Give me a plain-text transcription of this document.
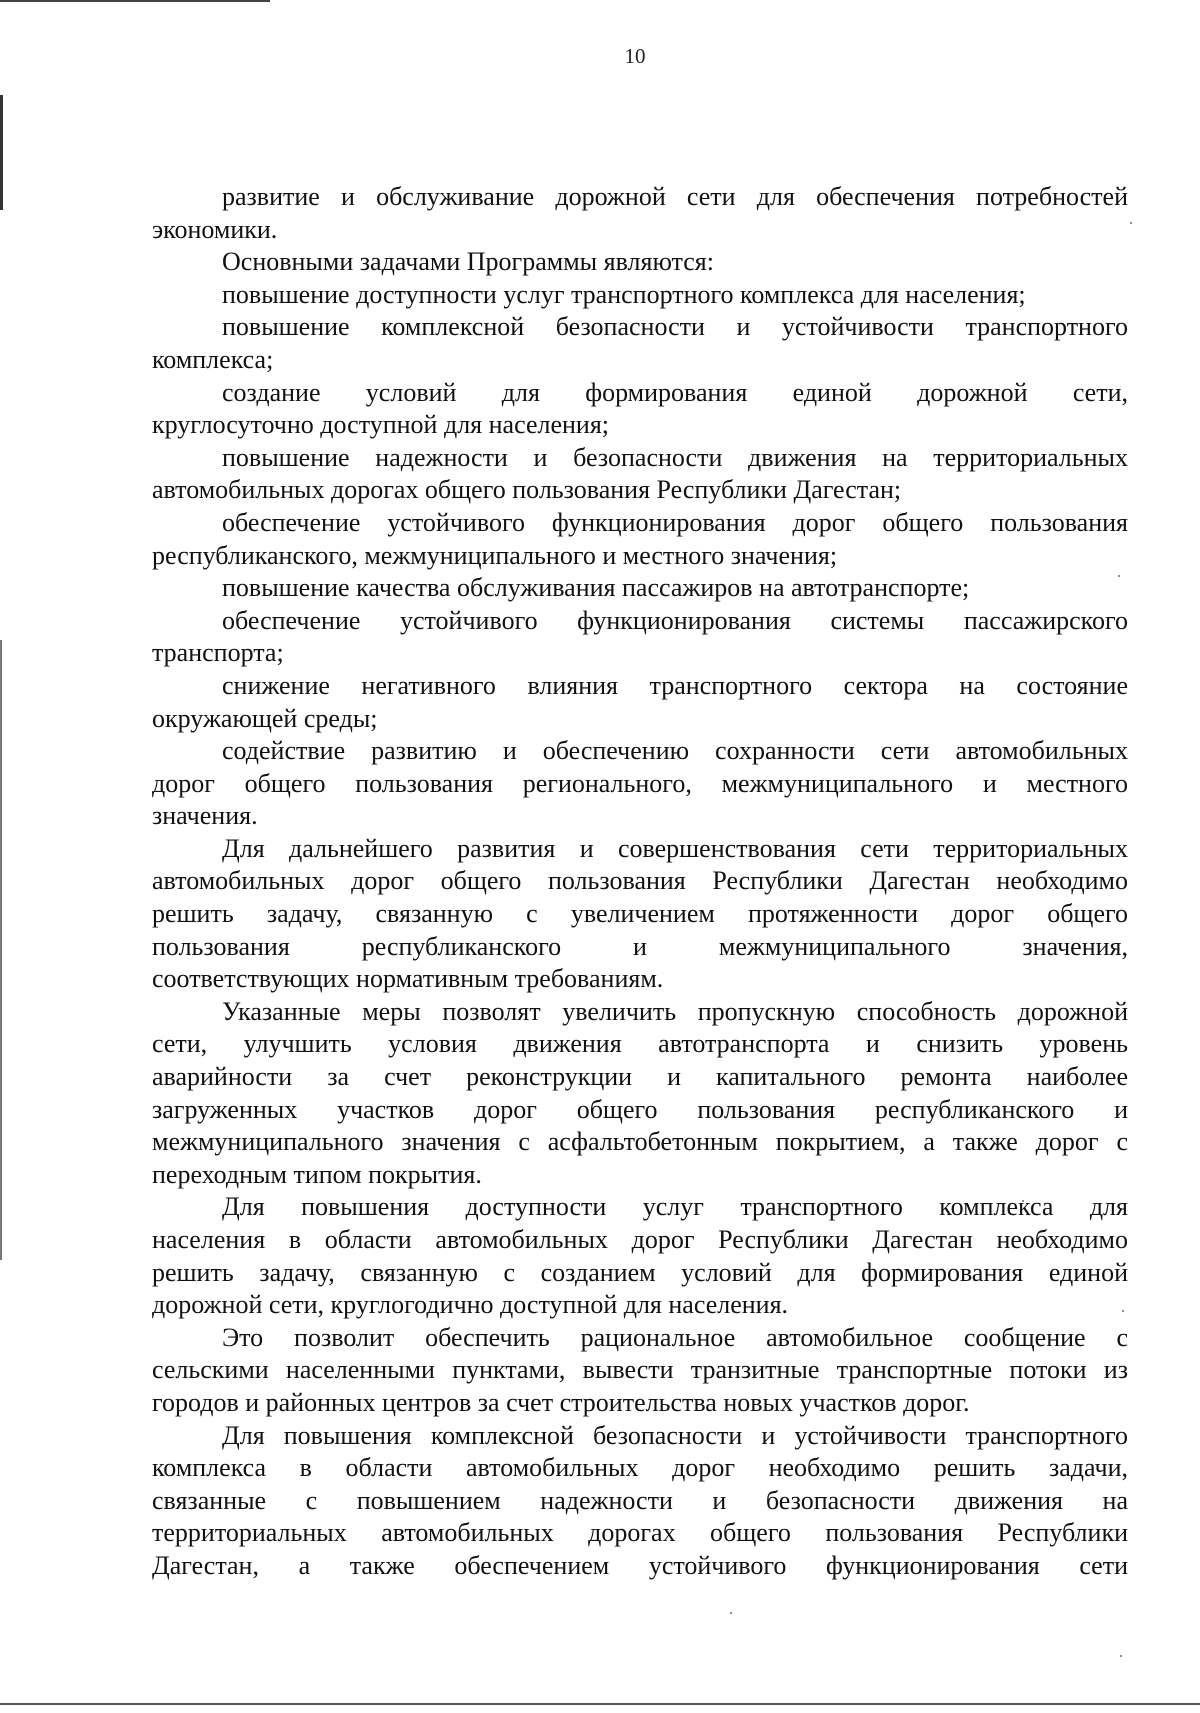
10
развитие и обслуживание дорожной сети для обеспечения потребностей
экономики.
Основными задачами Программы являются:
повышение доступности услуг транспортного комплекса для населения;
повышение комплексной безопасности и устойчивости транспортного
комплекса;
создание условий для формирования единой дорожной сети,
круглосуточно доступной для населения;
повышение надежности и безопасности движения на территориальных
автомобильных дорогах общего пользования Республики Дагестан;
обеспечение устойчивого функционирования дорог общего пользования
республиканского, межмуниципального и местного значения;
повышение качества обслуживания пассажиров на автотранспорте;
обеспечение устойчивого функционирования системы пассажирского
транспорта;
снижение негативного влияния транспортного сектора на состояние
окружающей среды;
содействие развитию и обеспечению сохранности сети автомобильных
дорог общего пользования регионального, межмуниципального и местного
значения.
Для дальнейшего развития и совершенствования сети территориальных
автомобильных дорог общего пользования Республики Дагестан необходимо
решить задачу, связанную с увеличением протяженности дорог общего
пользования республиканского и межмуниципального значения,
соответствующих нормативным требованиям.
Указанные меры позволят увеличить пропускную способность дорожной
сети, улучшить условия движения автотранспорта и снизить уровень
аварийности за счет реконструкции и капитального ремонта наиболее
загруженных участков дорог общего пользования республиканского и
межмуниципального значения с асфальтобетонным покрытием, а также дорог с
переходным типом покрытия.
Для повышения доступности услуг транспортного комплекса для
населения в области автомобильных дорог Республики Дагестан необходимо
решить задачу, связанную с созданием условий для формирования единой
дорожной сети, круглогодично доступной для населения.
Это позволит обеспечить рациональное автомобильное сообщение с
сельскими населенными пунктами, вывести транзитные транспортные потоки из
городов и районных центров за счет строительства новых участков дорог.
Для повышения комплексной безопасности и устойчивости транспортного
комплекса в области автомобильных дорог необходимо решить задачи,
связанные с повышением надежности и безопасности движения на
территориальных автомобильных дорогах общего пользования Республики
Дагестан, а также обеспечением устойчивого функционирования сети
